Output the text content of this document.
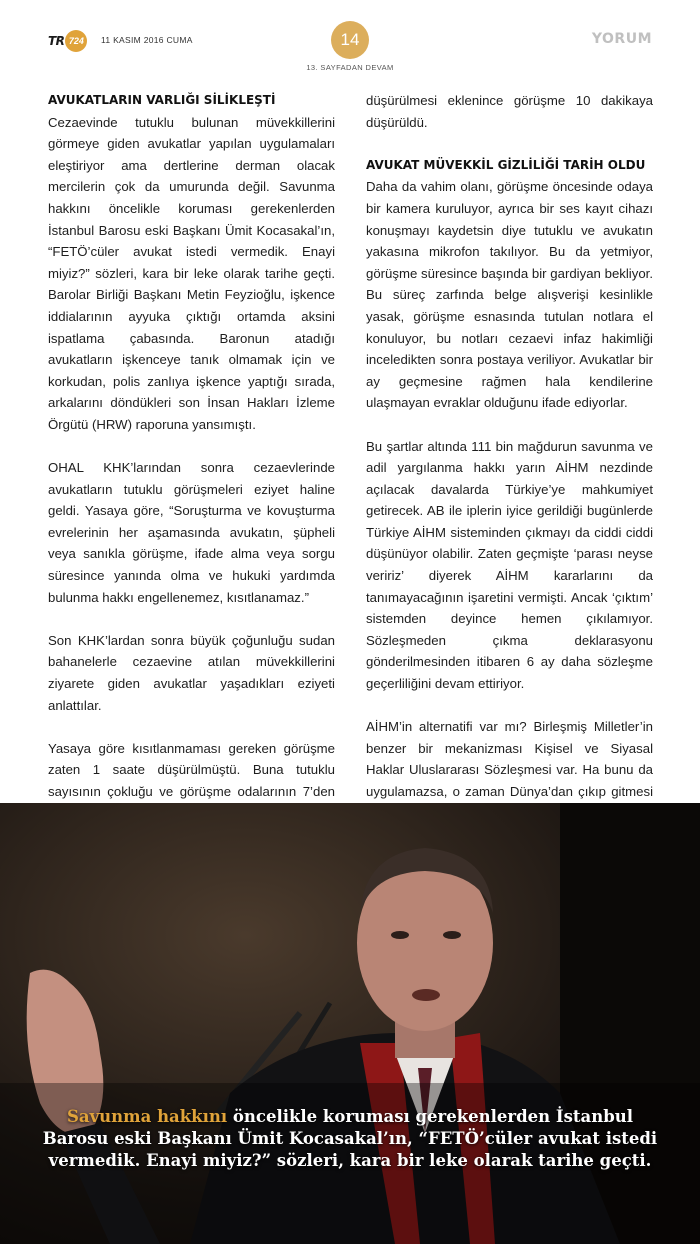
TR 724	11 KASIM 2016 CUMA	14
13. SAYFADAN DEVAM
YORUM
AVUKATLARIN VARLIĞI SİLİKLEŞTİ

Cezaevinde tutuklu bulunan müvekkillerini görmeye giden avukatlar yapılan uygulamaları eleştiriyor ama dertlerine derman olacak mercilerin çok da umurunda değil. Savunma hakkını öncelikle koruması gerekenlerden İstanbul Barosu eski Başkanı Ümit Kocasakal’ın, “FETÖ’cüler avukat istedi vermedik. Enayi miyiz?” sözleri, kara bir leke olarak tarihe geçti. Barolar Birliği Başkanı Metin Feyzioğlu, işkence iddialarının ayyuka çıktığı ortamda aksini ispatlama çabasında. Baronun atadığı avukatların işkenceye tanık olmamak için ve korkudan, polis zanlıya işkence yaptığı sırada, arkalarını döndükleri son İnsan Hakları İzleme Örgütü (HRW) raporuna yansımıştı.

OHAL KHK’larından sonra cezaevlerinde avukatların tutuklu görüşmeleri eziyet haline geldi. Yasaya göre, “Soruşturma ve kovuşturma evrelerinin her aşamasında avukatın, şüpheli veya sanıkla görüşme, ifade alma veya sorgu süresince yanında olma ve hukuki yardımda bulunma hakkı engellenemez, kısıtlanamaz.”

Son KHK’lardan sonra büyük çoğunluğu sudan bahanelerle cezaevine atılan müvekkillerini ziyarete giden avukatlar yaşadıkları eziyeti anlattılar.

Yasaya göre kısıtlanmaması gereken görüşme zaten 1 saate düşürülmüştü. Buna tutuklu sayısının çokluğu ve görüşme odalarının 7’den

düşürülmesi eklenince görüşme 10 dakikaya düşürüldü.

AVUKAT MÜVEKKİL GİZLİLİĞİ TARİH OLDU

Daha da vahim olanı, görüşme öncesinde odaya bir kamera kuruluyor, ayrıca bir ses kayıt cihazı konuşmayı kaydetsin diye tutuklu ve avukatın yakasına mikrofon takılıyor. Bu da yetmiyor, görüşme süresince başında bir gardiyan bekliyor. Bu süreç zarfında belge alışverişi kesinlikle yasak, görüşme esnasında tutulan notlara el konuluyor, bu notları cezaevi infaz hakimliği inceledikten sonra postaya veriliyor. Avukatlar bir ay geçmesine rağmen hala kendilerine ulaşmayan evraklar olduğunu ifade ediyorlar.

Bu şartlar altında 111 bin mağdurun savunma ve adil yargılanma hakkı yarın AİHM nezdinde açılacak davalarda Türkiye’ye mahkumiyet getirecek. AB ile iplerin iyice gerildiği bugünlerde Türkiye AİHM sisteminden çıkmayı da ciddi ciddi düşünüyor olabilir. Zaten geçmişte ‘parası neyse veririz’ diyerek AİHM kararlarını da tanımayacağının işaretini vermişti. Ancak ‘çıktım’ sistemden deyince hemen çıkılamıyor. Sözleşmeden çıkma deklarasyonu gönderilmesinden itibaren 6 ay daha sözleşme geçerliliğini devam ettiriyor.

AİHM’in alternatifi var mı? Birleşmiş Milletler’in benzer bir mekanizması Kişisel ve Siyasal Haklar Uluslararası Sözleşmesi var. Ha bunu da uygulamazsa, o zaman Dünya’dan çıkıp gitmesi

Savunma hakkını öncelikle koruması gerekenlerden İstanbul Barosu eski Başkanı Ümit Kocasakal’ın, “FETÖ’cüler avukat istedi vermedik. Enayi miyiz?” sözleri, kara bir leke olarak tarihe geçti.
